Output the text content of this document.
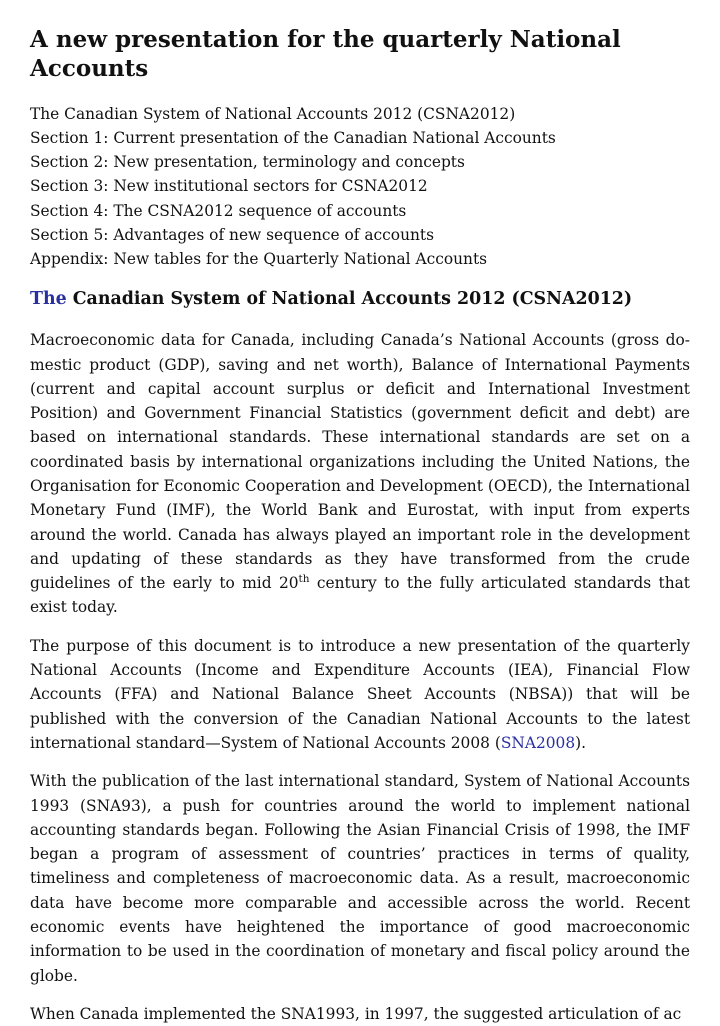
A new presentation for the quarterly National Accounts
The Canadian System of National Accounts 2012 (CSNA2012)
Section 1: Current presentation of the Canadian National Accounts
Section 2: New presentation, terminology and concepts
Section 3: New institutional sectors for CSNA2012
Section 4: The CSNA2012 sequence of accounts
Section 5: Advantages of new sequence of accounts
Appendix: New tables for the Quarterly National Accounts
The Canadian System of National Accounts 2012 (CSNA2012)

Macroeconomic data for Canada, including Canada’s National Accounts (gross domestic product (GDP), saving and net worth), Balance of International Payments (current and capital account surplus or deficit and International Investment Position) and Government Financial Statistics (government deficit and debt) are based on international standards. These international standards are set on a coordinated basis by international organizations including the United Nations, the Organisation for Economic Cooperation and Development (OECD), the International Monetary Fund (IMF), the World Bank and Eurostat, with input from experts around the world. Canada has always played an important role in the development and updating of these standards as they have transformed from the crude guidelines of the early to mid 20th century to the fully articulated standards that exist today.

The purpose of this document is to introduce a new presentation of the quarterly National Accounts (Income and Expenditure Accounts (IEA), Financial Flow Accounts (FFA) and National Balance Sheet Accounts (NBSA)) that will be published with the conversion of the Canadian National Accounts to the latest international standard—System of National Accounts 2008 (SNA2008).

With the publication of the last international standard, System of National Accounts 1993 (SNA93), a push for countries around the world to implement national accounting standards began. Following the Asian Financial Crisis of 1998, the IMF began a program of assessment of countries’ practices in terms of quality, timeliness and completeness of macroeconomic data. As a result, macroeconomic data have become more comparable and accessible across the world. Recent economic events have heightened the importance of good macroeconomic information to be used in the coordination of monetary and fiscal policy around the globe.

When Canada implemented the SNA1993, in 1997, the suggested articulation of ac
